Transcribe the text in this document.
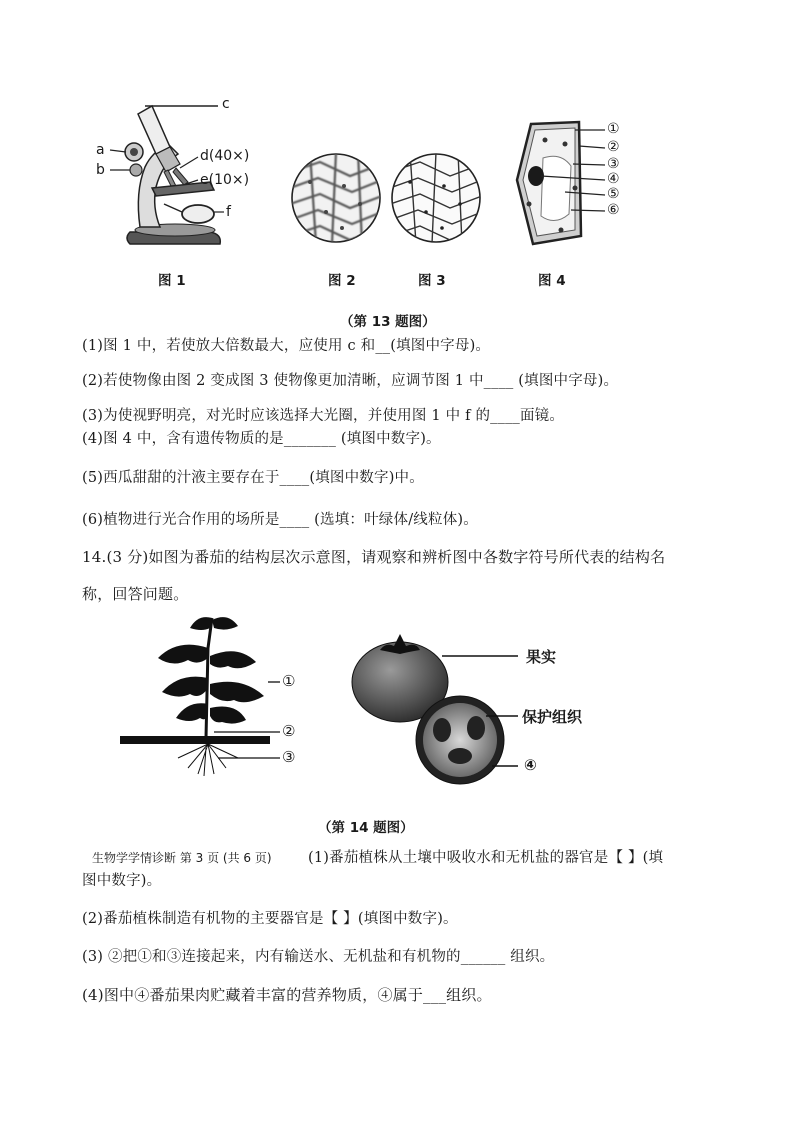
c
a
b
d(40×)
e(10×)
f
图 1	图 2	图 3
①
②
③
④
⑤
⑥
图 4
（第 13 题图）
(1)图 1 中，若使放大倍数最大，应使用 c 和__(填图中字母)。
(2)若使物像由图 2 变成图 3 使物像更加清晰，应调节图 1 中____ (填图中字母)。
(3)为使视野明亮，对光时应该选择大光圈，并使用图 1 中 f 的____面镜。
(4)图 4 中，含有遗传物质的是_______ (填图中数字)。
(5)西瓜甜甜的汁液主要存在于____(填图中数字)中。
(6)植物进行光合作用的场所是____ (选填：叶绿体/线粒体)。
14.(3 分)如图为番茄的结构层次示意图，请观察和辨析图中各数字符号所代表的结构名
称，回答问题。
①
②
③
果实
保护组织
④
（第 14 题图）
生物学学情诊断 第 3 页 (共 6 页)	(1)番茄植株从土壤中吸收水和无机盐的器官是【 】(填
图中数字)。
(2)番茄植株制造有机物的主要器官是【 】(填图中数字)。
(3) ②把①和③连接起来，内有输送水、无机盐和有机物的______ 组织。
(4)图中④番茄果肉贮藏着丰富的营养物质，④属于___组织。
